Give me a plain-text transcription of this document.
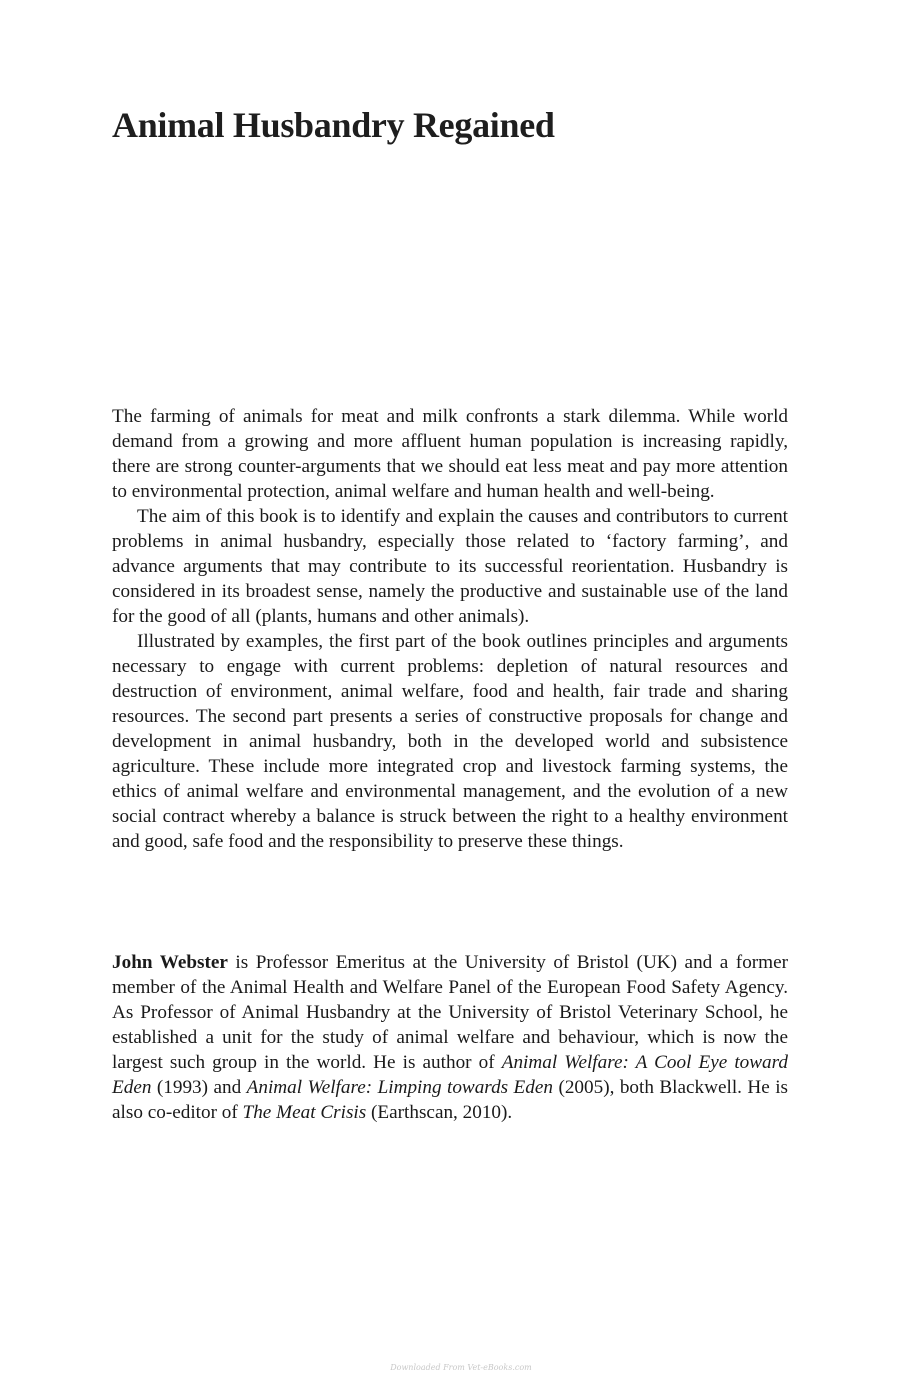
Animal Husbandry Regained

The farming of animals for meat and milk confronts a stark dilemma. While world demand from a growing and more affluent human population is increasing rapidly, there are strong counter-arguments that we should eat less meat and pay more attention to environmental protection, animal welfare and human health and well-being.

The aim of this book is to identify and explain the causes and contributors to current problems in animal husbandry, especially those related to ‘factory farming’, and advance arguments that may contribute to its successful reorientation. Husbandry is considered in its broadest sense, namely the productive and sustainable use of the land for the good of all (plants, humans and other animals).

Illustrated by examples, the first part of the book outlines principles and arguments necessary to engage with current problems: depletion of natural resources and destruction of environment, animal welfare, food and health, fair trade and sharing resources. The second part presents a series of constructive proposals for change and development in animal husbandry, both in the developed world and subsistence agriculture. These include more integrated crop and livestock farming systems, the ethics of animal welfare and environmental management, and the evolution of a new social contract whereby a balance is struck between the right to a healthy environment and good, safe food and the responsibility to preserve these things.

John Webster is Professor Emeritus at the University of Bristol (UK) and a former member of the Animal Health and Welfare Panel of the European Food Safety Agency. As Professor of Animal Husbandry at the University of Bristol Veterinary School, he established a unit for the study of animal welfare and behaviour, which is now the largest such group in the world. He is author of Animal Welfare: A Cool Eye toward Eden (1993) and Animal Welfare: Limping towards Eden (2005), both Blackwell. He is also co-editor of The Meat Crisis (Earthscan, 2010).

Downloaded From Vet-eBooks.com
